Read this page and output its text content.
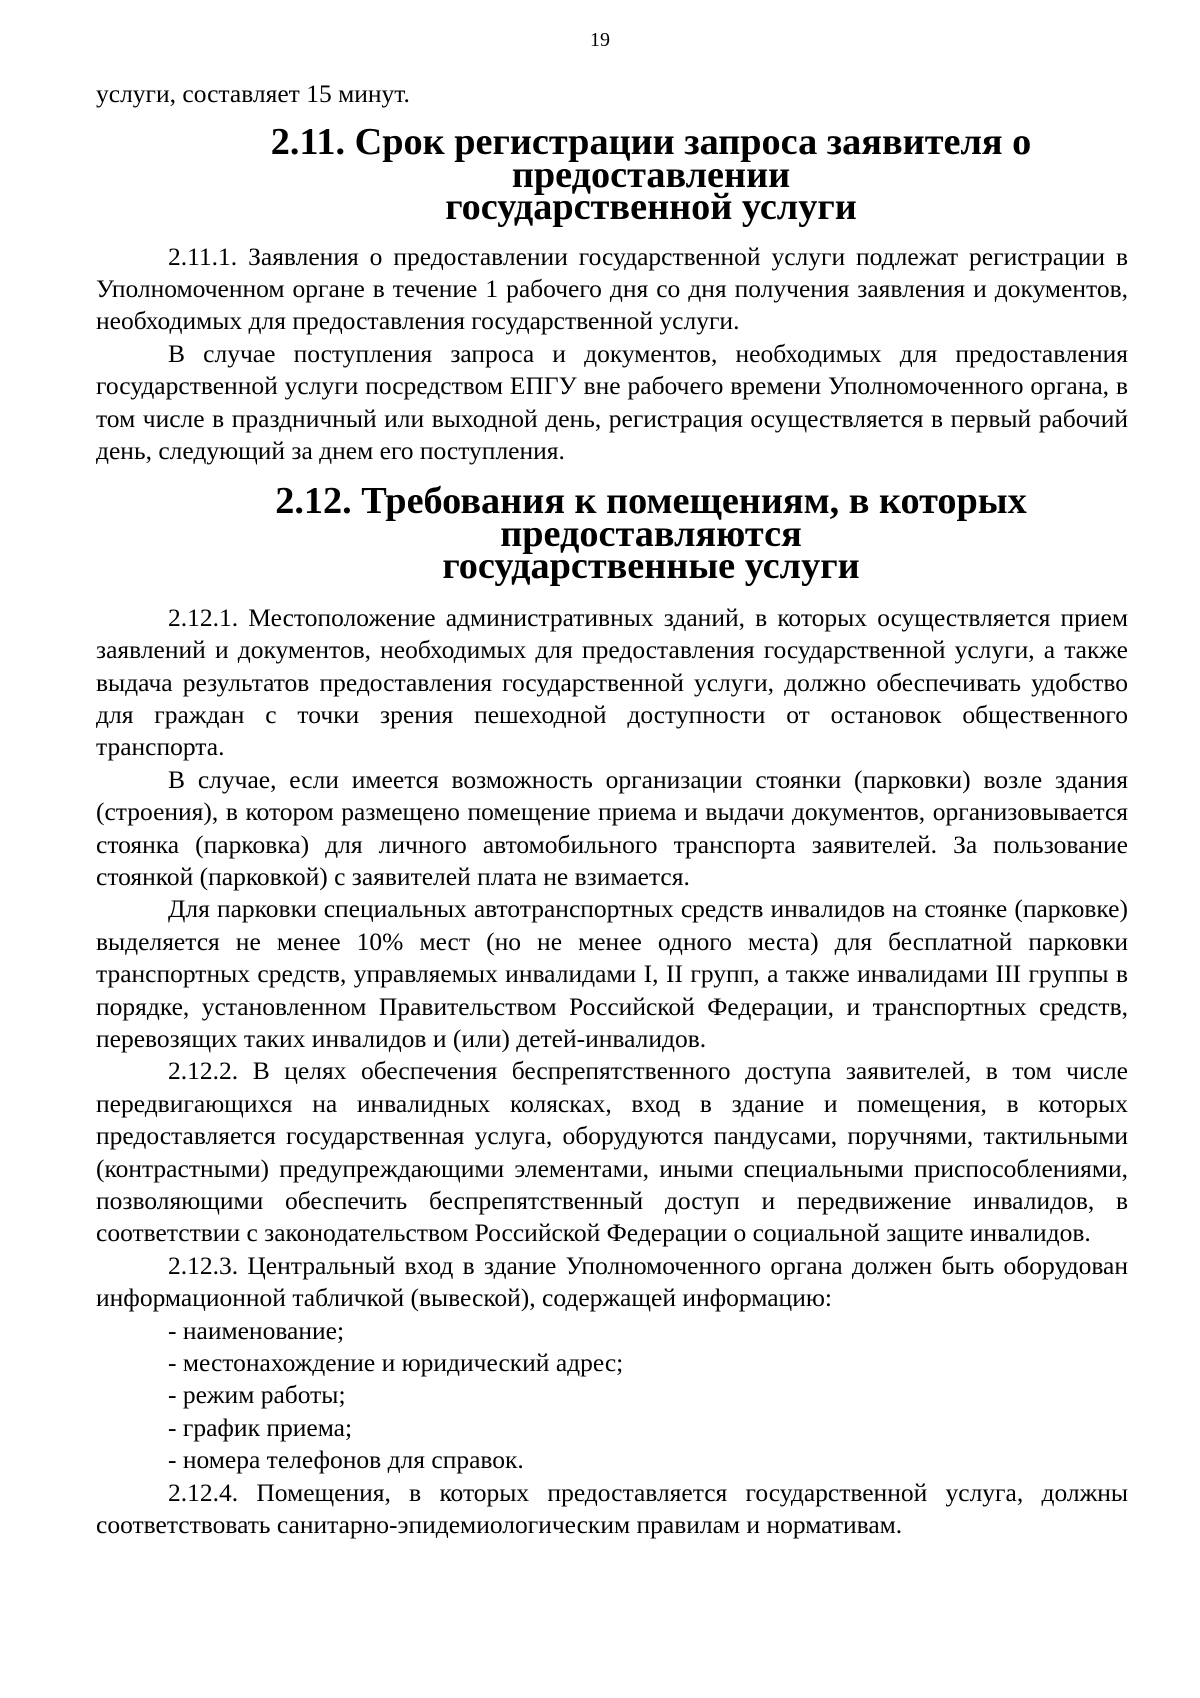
19

услуги, составляет 15 минут.

2.11. Срок регистрации запроса заявителя о предоставлении
государственной услуги

2.11.1. Заявления о предоставлении государственной услуги подлежат регистрации в Уполномоченном органе в течение 1 рабочего дня со дня получения заявления и документов, необходимых для предоставления государственной услуги.

В случае поступления запроса и документов, необходимых для предоставления государственной услуги посредством ЕПГУ вне рабочего времени Уполномоченного органа, в том числе в праздничный или выходной день, регистрация осуществляется в первый рабочий день, следующий за днем его поступления.

2.12. Требования к помещениям, в которых предоставляются
государственные услуги

2.12.1. Местоположение административных зданий, в которых осуществляется прием заявлений и документов, необходимых для предоставления государственной услуги, а также выдача результатов предоставления государственной услуги, должно обеспечивать удобство для граждан с точки зрения пешеходной доступности от остановок общественного транспорта.

В случае, если имеется возможность организации стоянки (парковки) возле здания (строения), в котором размещено помещение приема и выдачи документов, организовывается стоянка (парковка) для личного автомобильного транспорта заявителей. За пользование стоянкой (парковкой) с заявителей плата не взимается.

Для парковки специальных автотранспортных средств инвалидов на стоянке (парковке) выделяется не менее 10% мест (но не менее одного места) для бесплатной парковки транспортных средств, управляемых инвалидами I, II групп, а также инвалидами III группы в порядке, установленном Правительством Российской Федерации, и транспортных средств, перевозящих таких инвалидов и (или) детей-инвалидов.

2.12.2. В целях обеспечения беспрепятственного доступа заявителей, в том числе передвигающихся на инвалидных колясках, вход в здание и помещения, в которых предоставляется государственная услуга, оборудуются пандусами, поручнями, тактильными (контрастными) предупреждающими элементами, иными специальными приспособлениями, позволяющими обеспечить беспрепятственный доступ и передвижение инвалидов, в соответствии с законодательством Российской Федерации о социальной защите инвалидов.

2.12.3. Центральный вход в здание Уполномоченного органа должен быть оборудован информационной табличкой (вывеской), содержащей информацию:

- наименование;

- местонахождение и юридический адрес;

- режим работы;

- график приема;

- номера телефонов для справок.

2.12.4. Помещения, в которых предоставляется государственной услуга, должны соответствовать санитарно-эпидемиологическим правилам и нормативам.
